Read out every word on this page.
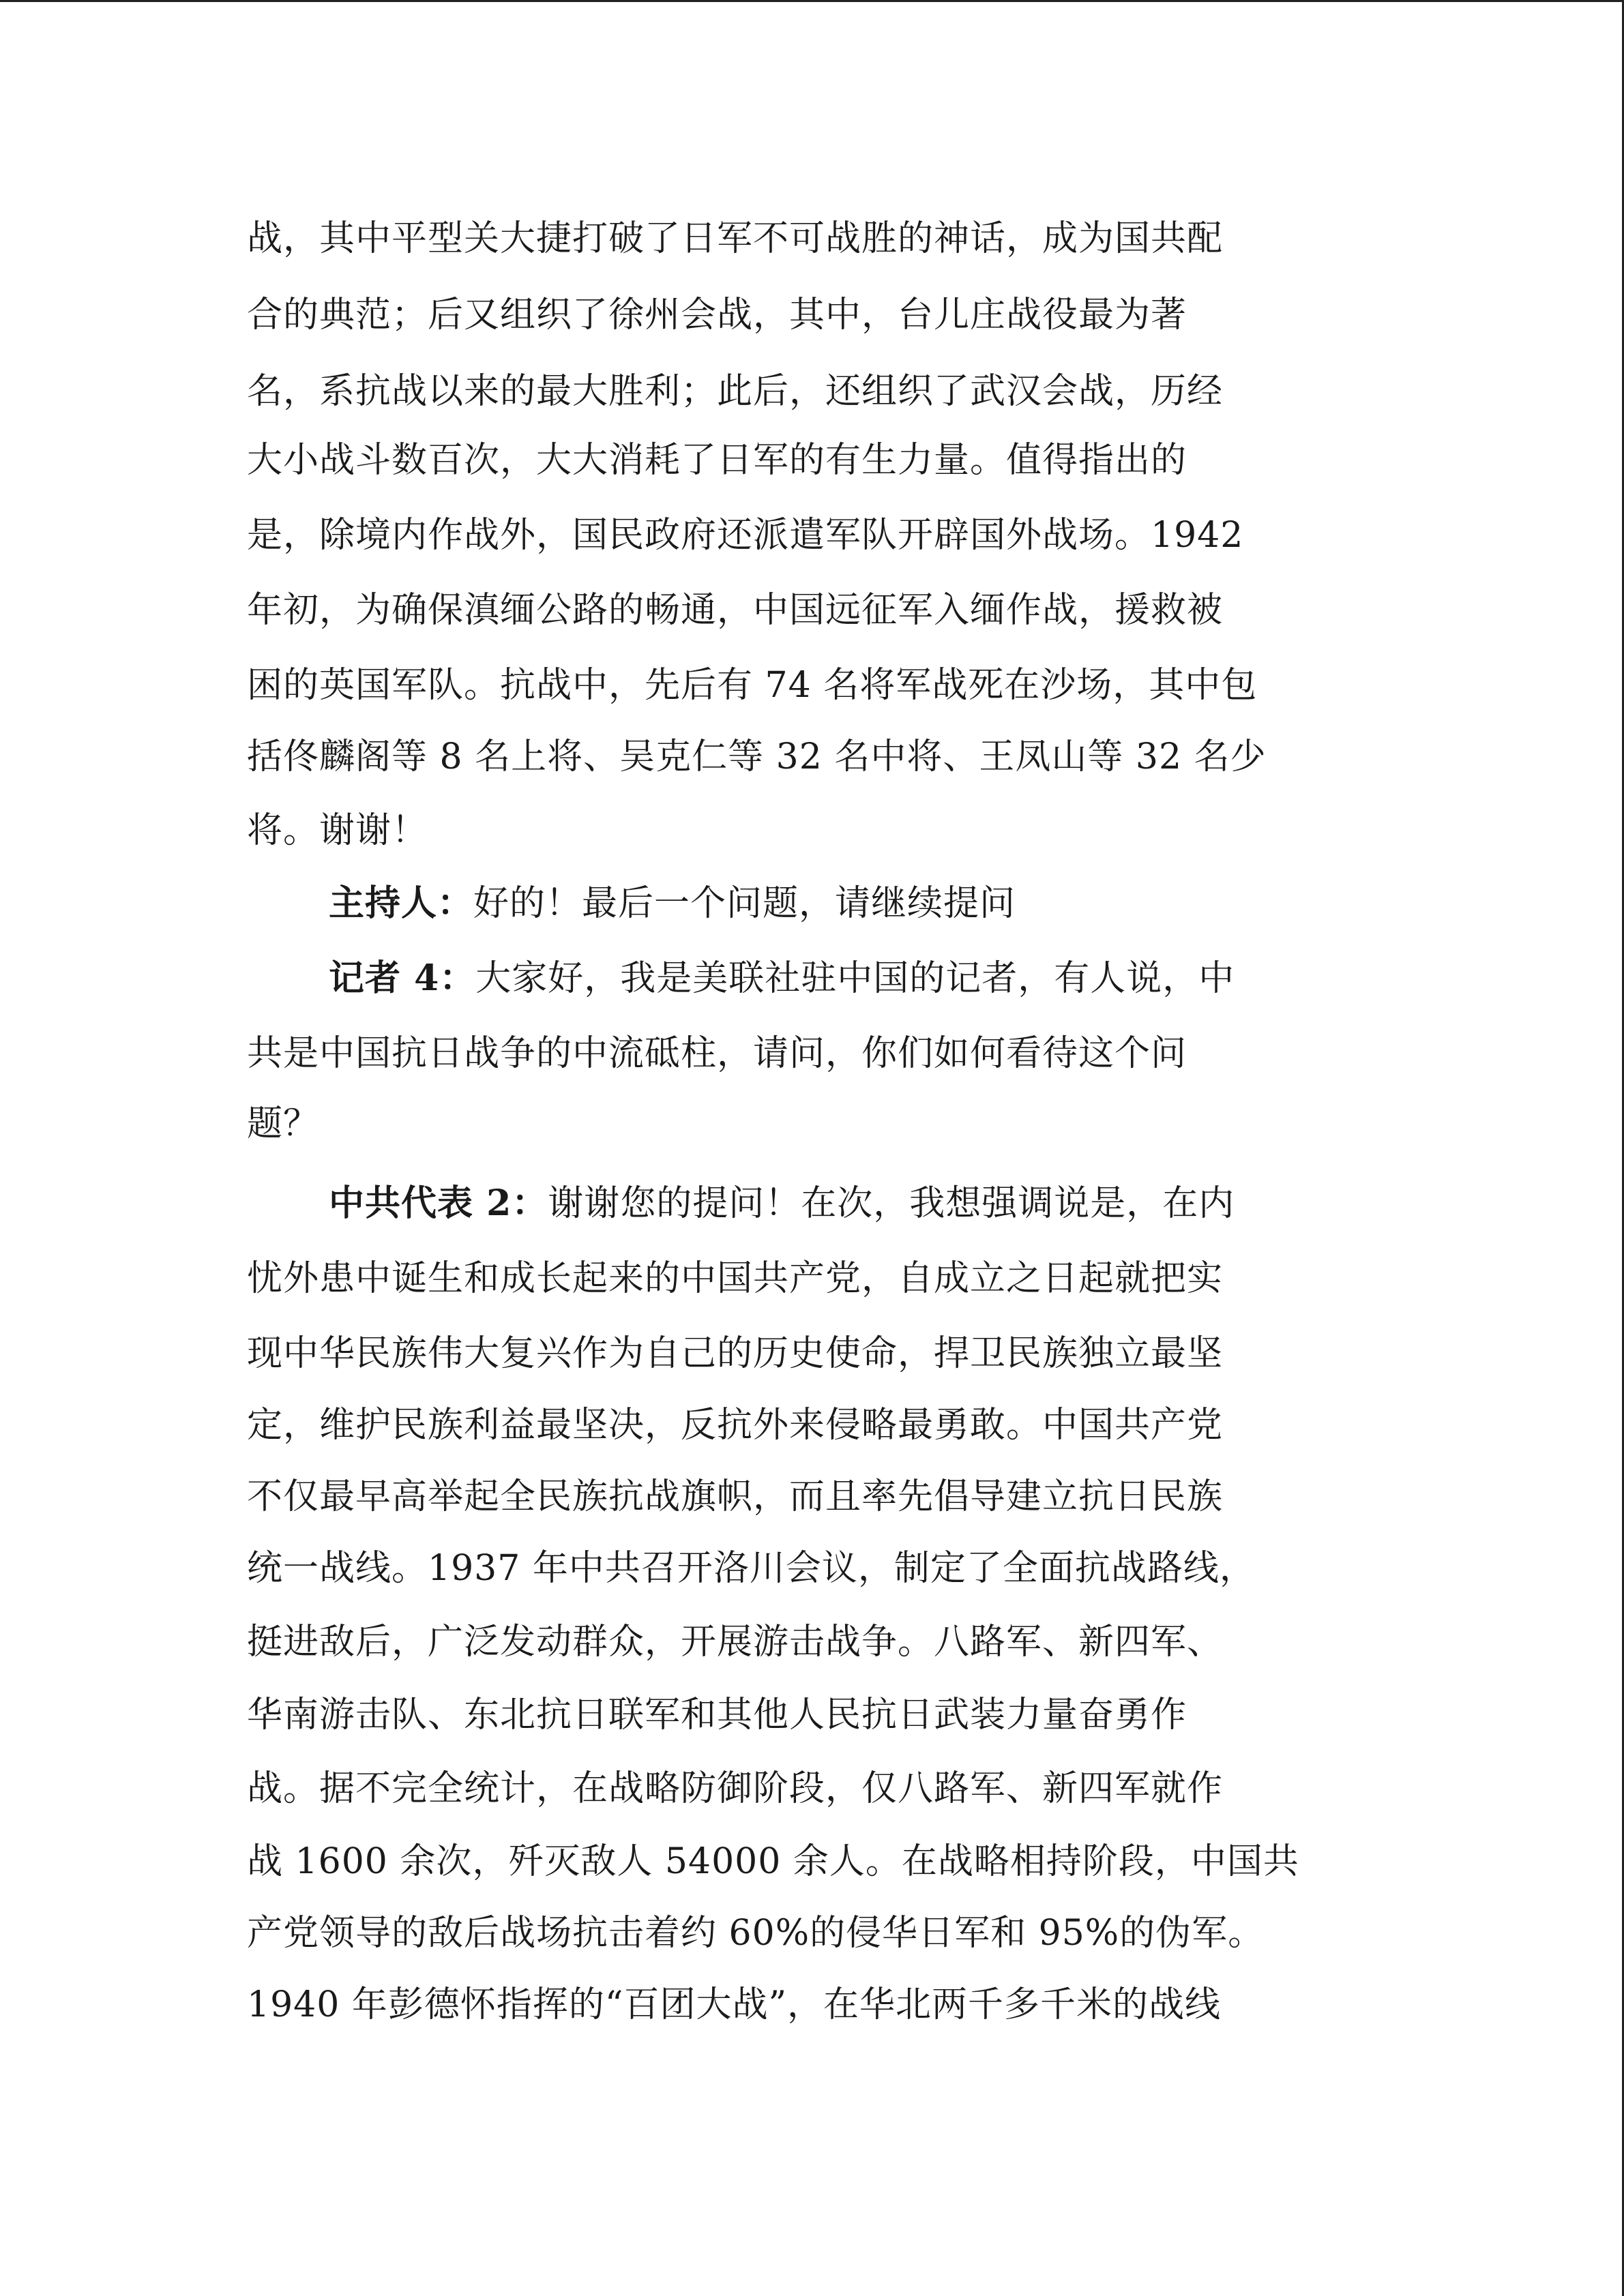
战，其中平型关大捷打破了日军不可战胜的神话，成为国共配
合的典范；后又组织了徐州会战，其中，台儿庄战役最为著
名，系抗战以来的最大胜利；此后，还组织了武汉会战，历经
大小战斗数百次，大大消耗了日军的有生力量。值得指出的
是，除境内作战外，国民政府还派遣军队开辟国外战场。1942
年初，为确保滇缅公路的畅通，中国远征军入缅作战，援救被
困的英国军队。抗战中，先后有 74 名将军战死在沙场，其中包
括佟麟阁等 8 名上将、吴克仁等 32 名中将、王凤山等 32 名少
将。谢谢！
主持人：好的！最后一个问题，请继续提问
记者 4：大家好，我是美联社驻中国的记者，有人说，中
共是中国抗日战争的中流砥柱，请问，你们如何看待这个问
题？
中共代表 2：谢谢您的提问！在次，我想强调说是，在内
忧外患中诞生和成长起来的中国共产党，自成立之日起就把实
现中华民族伟大复兴作为自己的历史使命，捍卫民族独立最坚
定，维护民族利益最坚决，反抗外来侵略最勇敢。中国共产党
不仅最早高举起全民族抗战旗帜，而且率先倡导建立抗日民族
统一战线。1937 年中共召开洛川会议，制定了全面抗战路线，
挺进敌后，广泛发动群众，开展游击战争。八路军、新四军、
华南游击队、东北抗日联军和其他人民抗日武装力量奋勇作
战。据不完全统计，在战略防御阶段，仅八路军、新四军就作
战 1600 余次，歼灭敌人 54000 余人。在战略相持阶段，中国共
产党领导的敌后战场抗击着约 60%的侵华日军和 95%的伪军。
1940 年彭德怀指挥的“百团大战”，在华北两千多千米的战线
